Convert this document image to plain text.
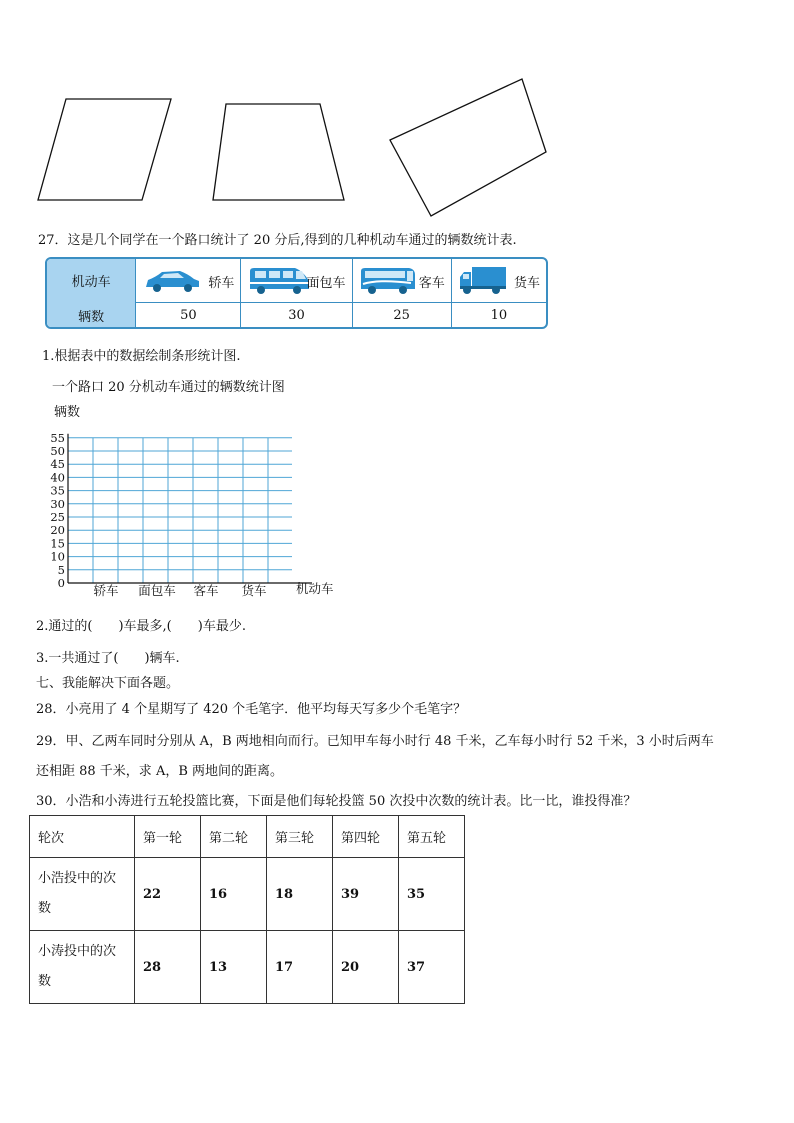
27．这是几个同学在一个路口统计了 20 分后,得到的几种机动车通过的辆数统计表.
机动车	轿车	面包车	客车	货车
辆数	50	30	25	10
1.根据表中的数据绘制条形统计图.
一个路口 20 分机动车通过的辆数统计图
0
5
10
15
20
25
30
35
40
45
50
55
辆数
轿车 面包车 客车 货车 机动车
2.通过的(　　)车最多,(　　)车最少.
3.一共通过了(　　)辆车.
七、我能解决下面各题。
28．小亮用了 4 个星期写了 420 个毛笔字．他平均每天写多少个毛笔字？
29．甲、乙两车同时分别从 A，B 两地相向而行。已知甲车每小时行 48 千米，乙车每小时行 52 千米，3 小时后两车
还相距 88 千米，求 A，B 两地间的距离。
30．小浩和小涛进行五轮投篮比赛，下面是他们每轮投篮 50 次投中次数的统计表。比一比，谁投得准？
轮次	第一轮	第二轮	第三轮	第四轮	第五轮
小浩投中的次
数	22	16	18	39	35
小涛投中的次
数	28	13	17	20	37
